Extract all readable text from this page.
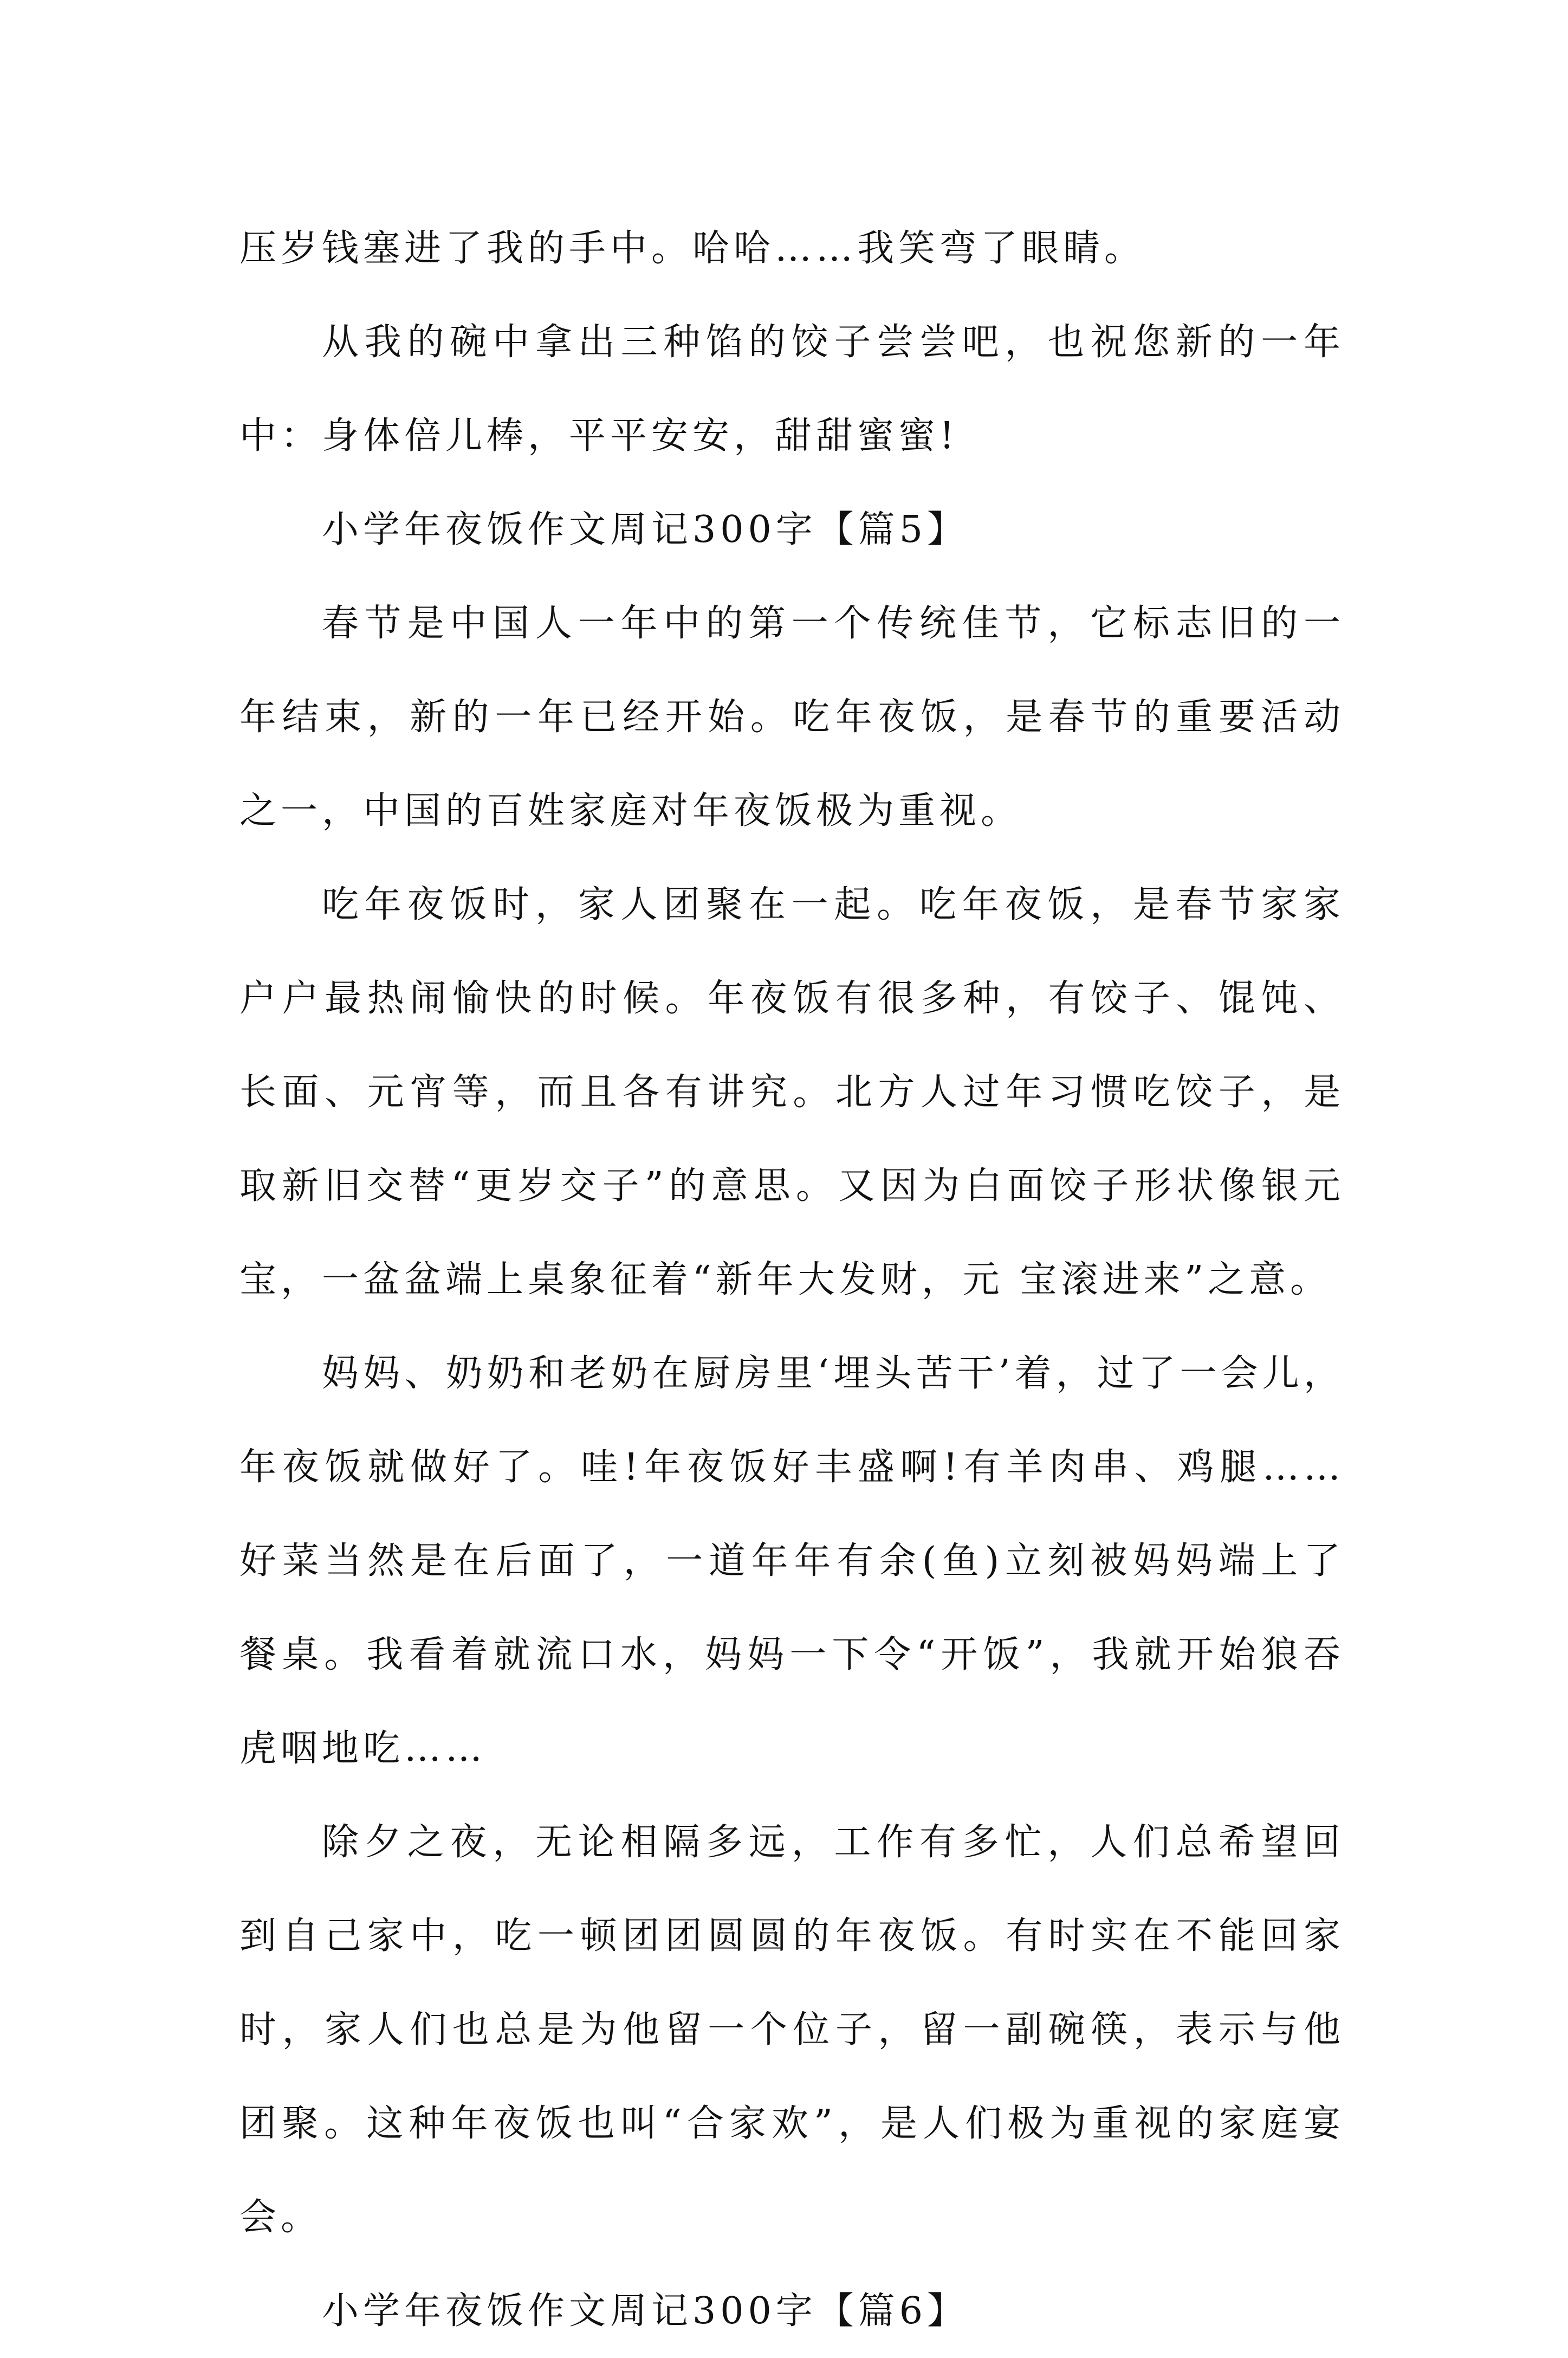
压岁钱塞进了我的手中。哈哈……我笑弯了眼睛。

从我的碗中拿出三种馅的饺子尝尝吧，也祝您新的一年中：身体倍儿棒，平平安安，甜甜蜜蜜!

小学年夜饭作文周记300字【篇5】

春节是中国人一年中的第一个传统佳节，它标志旧的一年结束，新的一年已经开始。吃年夜饭，是春节的重要活动之一，中国的百姓家庭对年夜饭极为重视。

吃年夜饭时，家人团聚在一起。吃年夜饭，是春节家家户户最热闹愉快的时候。年夜饭有很多种，有饺子、馄饨、长面、元宵等，而且各有讲究。北方人过年习惯吃饺子，是取新旧交替“更岁交子”的意思。又因为白面饺子形状像银元 宝，一盆盆端上桌象征着“新年大发财，元 宝滚进来”之意。

妈妈、奶奶和老奶在厨房里‘埋头苦干’着，过了一会儿，年夜饭就做好了。哇!年夜饭好丰盛啊!有羊肉串、鸡腿……好菜当然是在后面了，一道年年有余(鱼)立刻被妈妈端上了餐桌。我看着就流口水，妈妈一下令“开饭”，我就开始狼吞虎咽地吃……

除夕之夜，无论相隔多远，工作有多忙，人们总希望回到自己家中，吃一顿团团圆圆的年夜饭。有时实在不能回家时，家人们也总是为他留一个位子，留一副碗筷，表示与他团聚。这种年夜饭也叫“合家欢”，是人们极为重视的家庭宴会。

小学年夜饭作文周记300字【篇6】
